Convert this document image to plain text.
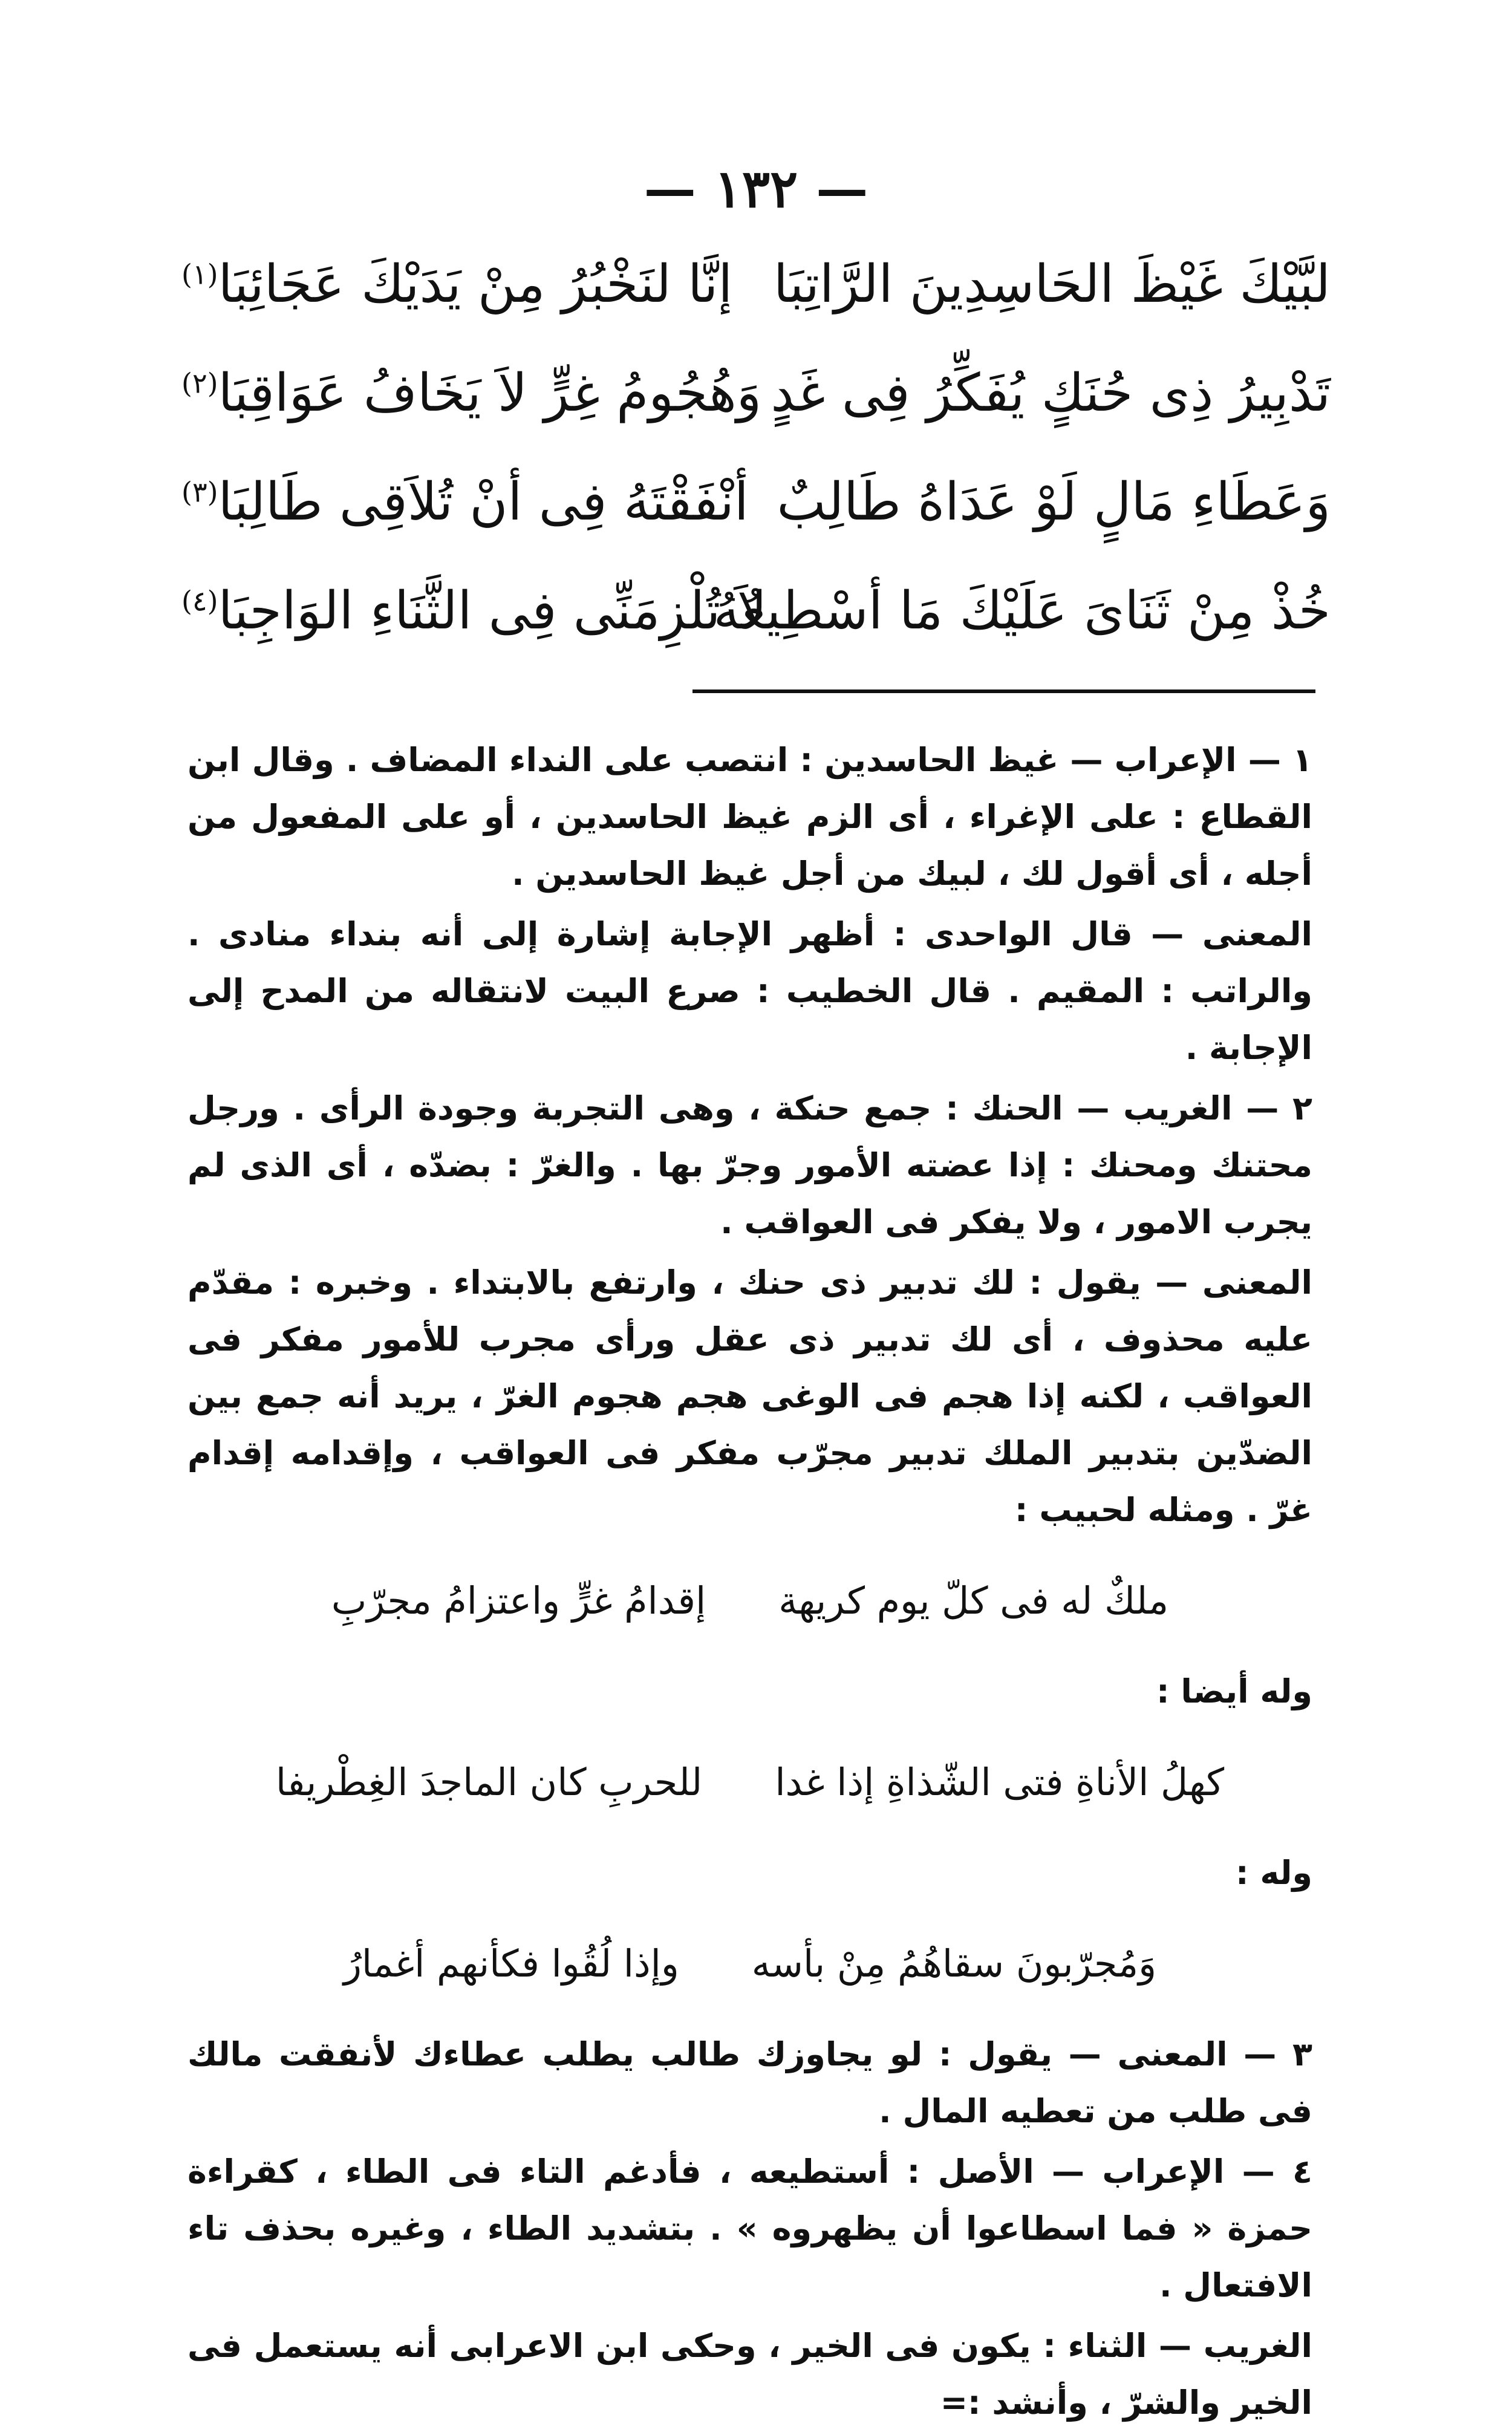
— ١٣٢ —
لبَّيْكَ غَيْظَ الحَاسِدِينَ الرَّاتِبَا
إنَّا لنَخْبُرُ مِنْ يَدَيْكَ عَجَائِبَا$^{(١)}$
تَدْبِيرُ ذِى حُنَكٍ يُفَكِّرُ فِى غَدٍ
وَهُجُومُ غِرٍّ لاَ يَخَافُ عَوَاقِبَا$^{(٢)}$
وَعَطَاءِ مَالٍ لَوْ عَدَاهُ طَالِبٌ
أنْفَقْتَهُ فِى أنْ تُلاَقِى طَالِبَا$^{(٣)}$
خُذْ مِنْ ثَنَاىَ عَلَيْكَ مَا أسْطِيعُهُ
لاَ تُلْزِمَنِّى فِى الثَّنَاءِ الوَاجِبَا$^{(٤)}$

١ — الإعراب — غيظ الحاسدين : انتصب على النداء المضاف . وقال ابن القطاع : على الإغراء ، أى الزم غيظ الحاسدين ، أو على المفعول من أجله ، أى أقول لك ، لبيك من أجل غيظ الحاسدين .

المعنى — قال الواحدى : أظهر الإجابة إشارة إلى أنه بنداء منادى . والراتب : المقيم . قال الخطيب : صرع البيت لانتقاله من المدح إلى الإجابة .

٢ — الغريب — الحنك : جمع حنكة ، وهى التجربة وجودة الرأى . ورجل محتنك ومحنك : إذا عضته الأمور وجرّ بها . والغرّ : بضدّه ، أى الذى لم يجرب الامور ، ولا يفكر فى العواقب .

المعنى — يقول : لك تدبير ذى حنك ، وارتفع بالابتداء . وخبره : مقدّم عليه محذوف ، أى لك تدبير ذى عقل ورأى مجرب للأمور مفكر فى العواقب ، لكنه إذا هجم فى الوغى هجم هجوم الغرّ ، يريد أنه جمع بين الضدّين بتدبير الملك تدبير مجرّب مفكر فى العواقب ، وإقدامه إقدام غرّ . ومثله لحبيب :

ملكٌ له فى كلّ يوم كريهة
إقدامُ غرٍّ واعتزامُ مجرّبِ

وله أيضا :

كهلُ الأناةِ فتى الشّذاةِ إذا غدا
للحربِ كان الماجدَ الغِطْريفا

وله :

وَمُجرّبونَ سقاهُمُ مِنْ بأسه
وإذا لُقُوا فكأنهم أغمارُ

٣ — المعنى — يقول : لو يجاوزك طالب يطلب عطاءك لأنفقت مالك فى طلب من تعطيه المال .

٤ — الإعراب — الأصل : أستطيعه ، فأدغم التاء فى الطاء ، كقراءة حمزة « فما اسطاعوا أن يظهروه » . بتشديد الطاء ، وغيره بحذف تاء الافتعال .

الغريب — الثناء : يكون فى الخير ، وحكى ابن الاعرابى أنه يستعمل فى الخير والشرّ ، وأنشد :=
